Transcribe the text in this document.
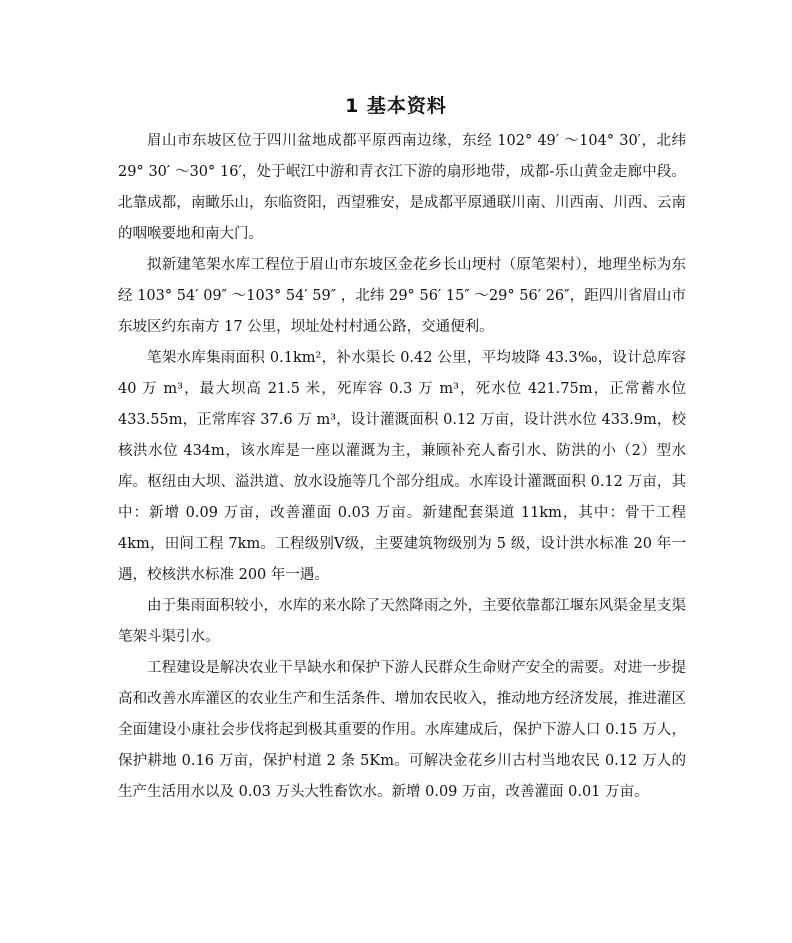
1 基本资料

眉山市东坡区位于四川盆地成都平原西南边缘，东经 102° 49′ ～104° 30′，北纬 29° 30′ ～30° 16′，处于岷江中游和青衣江下游的扇形地带，成都-乐山黄金走廊中段。北靠成都，南瞰乐山，东临资阳，西望雅安，是成都平原通联川南、川西南、川西、云南的咽喉要地和南大门。

拟新建笔架水库工程位于眉山市东坡区金花乡长山埂村（原笔架村），地理坐标为东经 103° 54′ 09″ ～103° 54′ 59″ ，北纬 29° 56′ 15″ ～29° 56′ 26″，距四川省眉山市东坡区约东南方 17 公里，坝址处村村通公路，交通便利。

笔架水库集雨面积 0.1km²，补水渠长 0.42 公里，平均坡降 43.3‰，设计总库容 40 万 m³，最大坝高 21.5 米，死库容 0.3 万 m³，死水位 421.75m，正常蓄水位 433.55m，正常库容 37.6 万 m³，设计灌溉面积 0.12 万亩，设计洪水位 433.9m，校核洪水位 434m，该水库是一座以灌溉为主，兼顾补充人畜引水、防洪的小（2）型水库。枢纽由大坝、溢洪道、放水设施等几个部分组成。水库设计灌溉面积 0.12 万亩，其中：新增 0.09 万亩，改善灌面 0.03 万亩。新建配套渠道 11km，其中：骨干工程 4km，田间工程 7km。工程级别Ⅴ级，主要建筑物级别为 5 级，设计洪水标准 20 年一遇，校核洪水标准 200 年一遇。

由于集雨面积较小，水库的来水除了天然降雨之外，主要依靠都江堰东风渠金星支渠笔架斗渠引水。

工程建设是解决农业干旱缺水和保护下游人民群众生命财产安全的需要。对进一步提高和改善水库灌区的农业生产和生活条件、增加农民收入，推动地方经济发展，推进灌区全面建设小康社会步伐将起到极其重要的作用。水库建成后，保护下游人口 0.15 万人，保护耕地 0.16 万亩，保护村道 2 条 5Km。可解决金花乡川古村当地农民 0.12 万人的生产生活用水以及 0.03 万头大牲畜饮水。新增 0.09 万亩，改善灌面 0.01 万亩。
